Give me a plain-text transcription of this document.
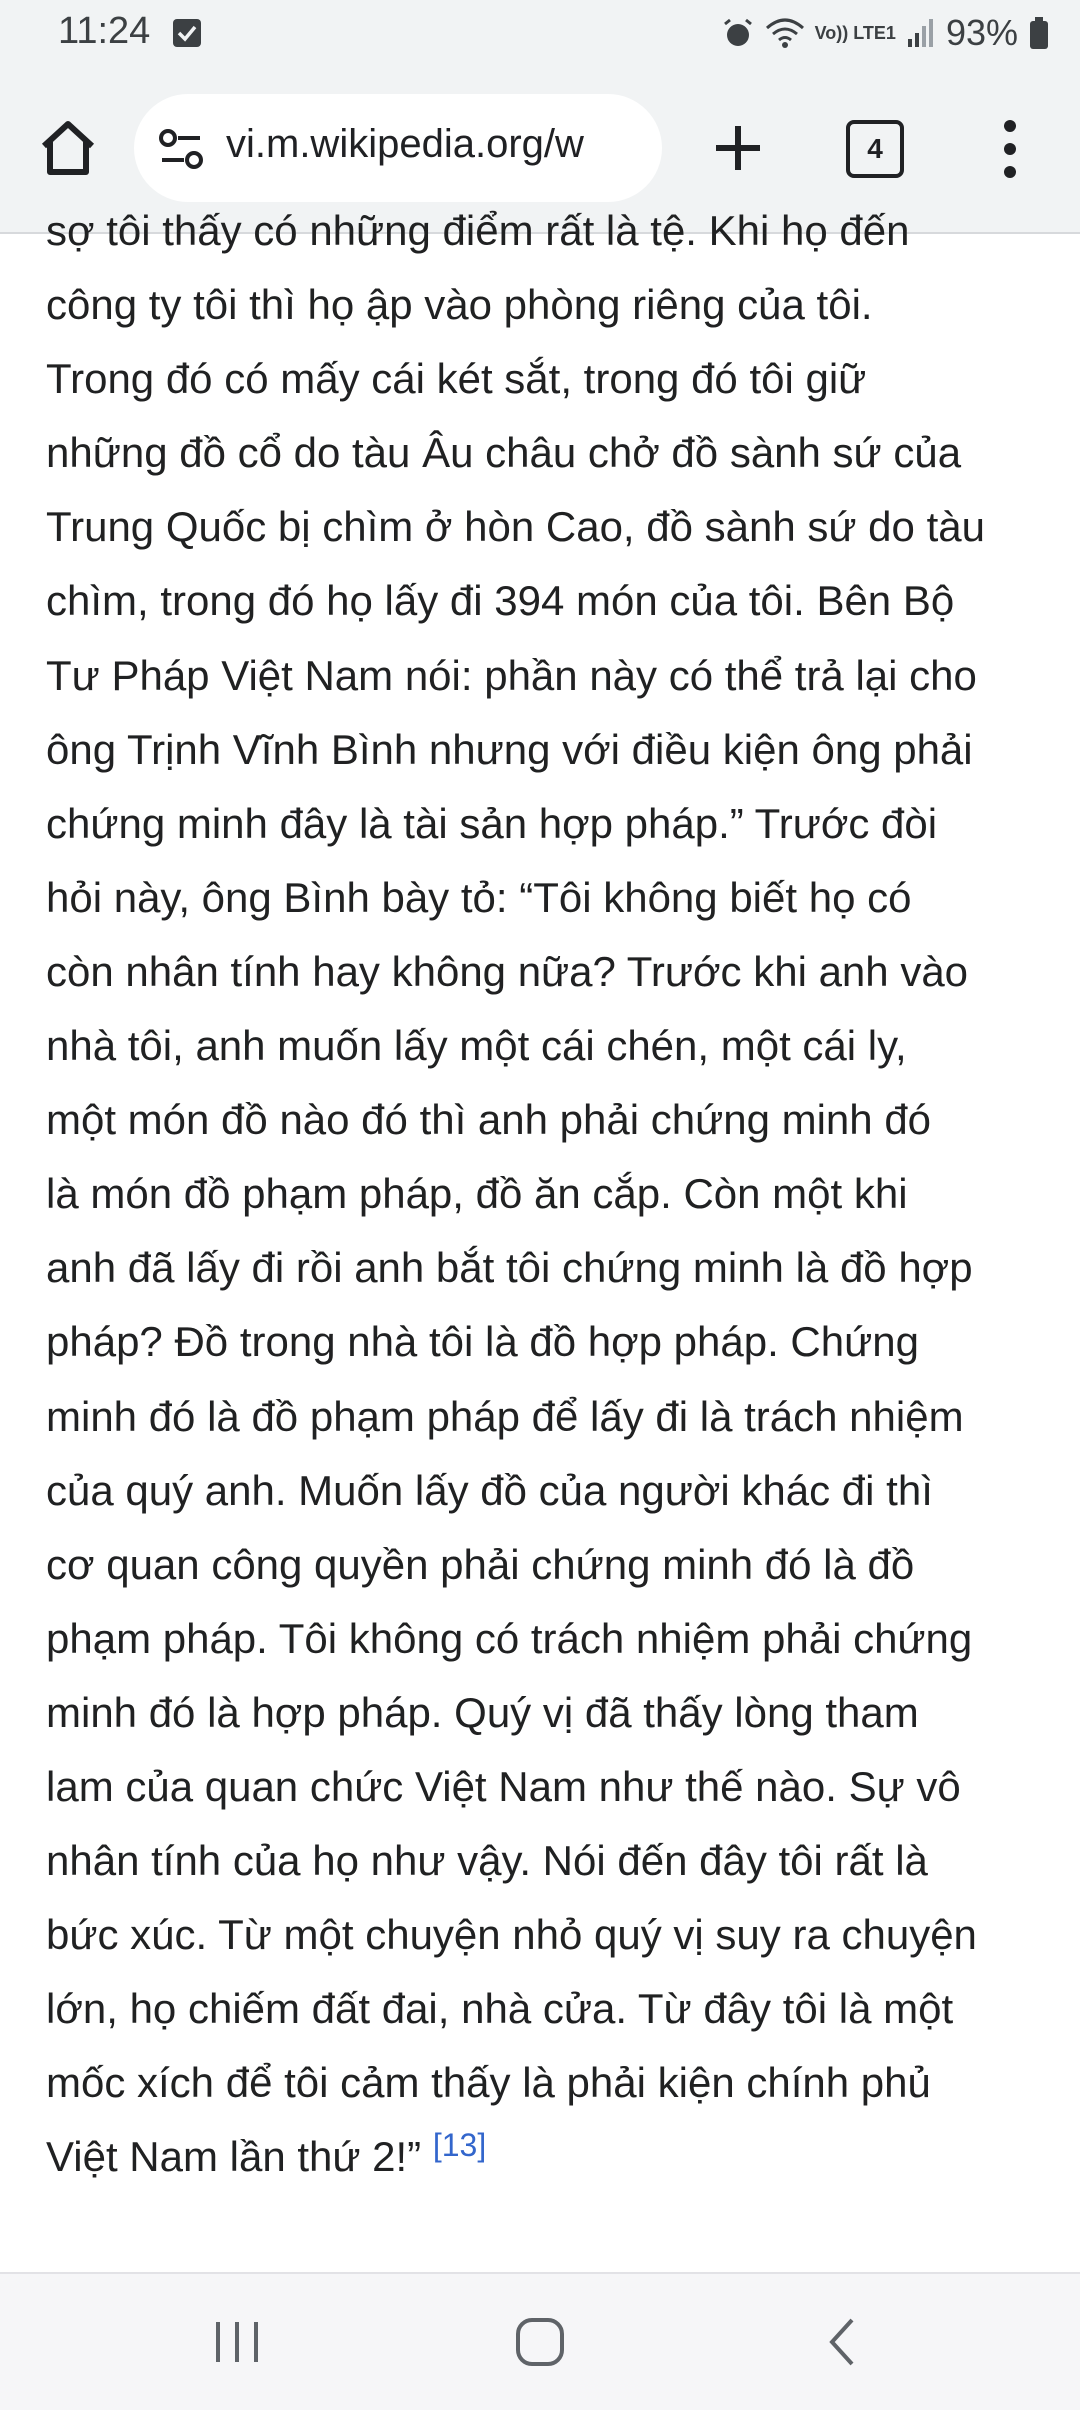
11:24	Vo)) LTE1 93%
vi.m.wikipedia.org/w	4
sợ tôi thấy có những điểm rất là tệ. Khi họ đến
công ty tôi thì họ ập vào phòng riêng của tôi.
Trong đó có mấy cái két sắt, trong đó tôi giữ
những đồ cổ do tàu Âu châu chở đồ sành sứ của
Trung Quốc bị chìm ở hòn Cao, đồ sành sứ do tàu
chìm, trong đó họ lấy đi 394 món của tôi. Bên Bộ
Tư Pháp Việt Nam nói: phần này có thể trả lại cho
ông Trịnh Vĩnh Bình nhưng với điều kiện ông phải
chứng minh đây là tài sản hợp pháp.” Trước đòi
hỏi này, ông Bình bày tỏ: “Tôi không biết họ có
còn nhân tính hay không nữa? Trước khi anh vào
nhà tôi, anh muốn lấy một cái chén, một cái ly,
một món đồ nào đó thì anh phải chứng minh đó
là món đồ phạm pháp, đồ ăn cắp. Còn một khi
anh đã lấy đi rồi anh bắt tôi chứng minh là đồ hợp
pháp? Đồ trong nhà tôi là đồ hợp pháp. Chứng
minh đó là đồ phạm pháp để lấy đi là trách nhiệm
của quý anh. Muốn lấy đồ của người khác đi thì
cơ quan công quyền phải chứng minh đó là đồ
phạm pháp. Tôi không có trách nhiệm phải chứng
minh đó là hợp pháp. Quý vị đã thấy lòng tham
lam của quan chức Việt Nam như thế nào. Sự vô
nhân tính của họ như vậy. Nói đến đây tôi rất là
bức xúc. Từ một chuyện nhỏ quý vị suy ra chuyện
lớn, họ chiếm đất đai, nhà cửa. Từ đây tôi là một
mốc xích để tôi cảm thấy là phải kiện chính phủ
Việt Nam lần thứ 2!” [13]
